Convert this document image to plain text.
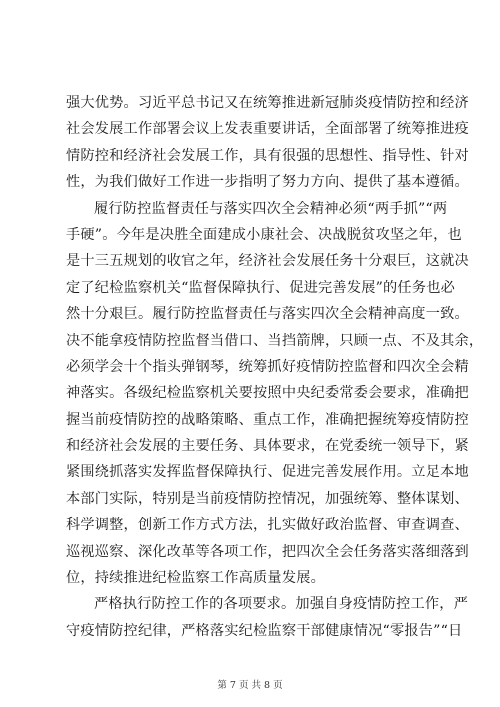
强大优势。习近平总书记又在统筹推进新冠肺炎疫情防控和经济
社会发展工作部署会议上发表重要讲话，全面部署了统筹推进疫
情防控和经济社会发展工作，具有很强的思想性、指导性、针对
性，为我们做好工作进一步指明了努力方向、提供了基本遵循。
履行防控监督责任与落实四次全会精神必须“两手抓”“两
手硬”。今年是决胜全面建成小康社会、决战脱贫攻坚之年，也
是十三五规划的收官之年，经济社会发展任务十分艰巨，这就决
定了纪检监察机关“监督保障执行、促进完善发展”的任务也必
然十分艰巨。履行防控监督责任与落实四次全会精神高度一致。
决不能拿疫情防控监督当借口、当挡箭牌，只顾一点、不及其余，
必须学会十个指头弹钢琴，统筹抓好疫情防控监督和四次全会精
神落实。各级纪检监察机关要按照中央纪委常委会要求，准确把
握当前疫情防控的战略策略、重点工作，准确把握统筹疫情防控
和经济社会发展的主要任务、具体要求，在党委统一领导下，紧
紧围绕抓落实发挥监督保障执行、促进完善发展作用。立足本地
本部门实际，特别是当前疫情防控情况，加强统筹、整体谋划、
科学调整，创新工作方式方法，扎实做好政治监督、审查调查、
巡视巡察、深化改革等各项工作，把四次全会任务落实落细落到
位，持续推进纪检监察工作高质量发展。
严格执行防控工作的各项要求。加强自身疫情防控工作，严
守疫情防控纪律，严格落实纪检监察干部健康情况“零报告”“日
第 7 页 共 8 页
